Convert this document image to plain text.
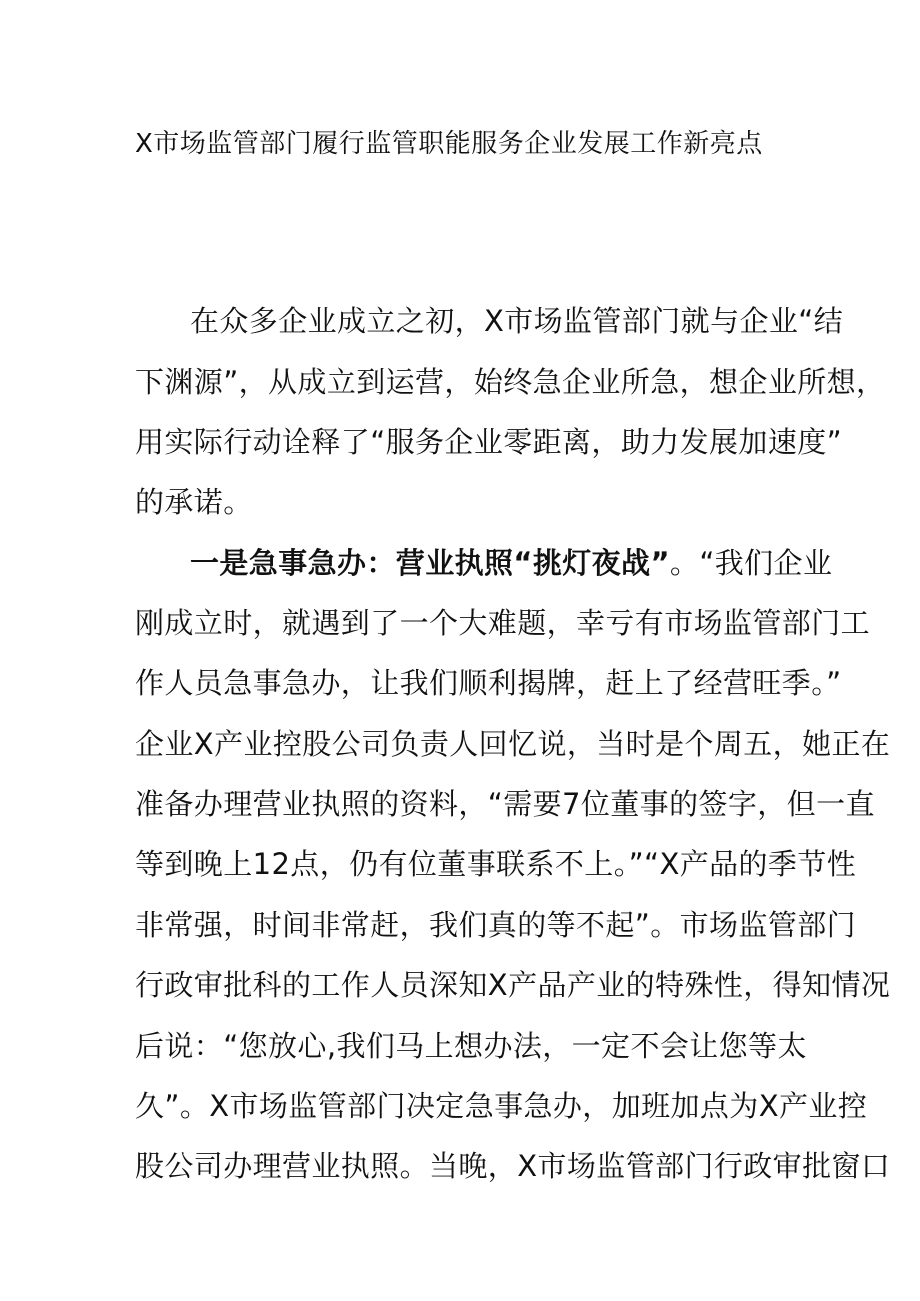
X市场监管部门履行监管职能服务企业发展工作新亮点
在众多企业成立之初，X市场监管部门就与企业“结
下渊源”，从成立到运营，始终急企业所急，想企业所想，
用实际行动诠释了“服务企业零距离，助力发展加速度”
的承诺。
一是急事急办：营业执照“挑灯夜战”。“我们企业
刚成立时，就遇到了一个大难题，幸亏有市场监管部门工
作人员急事急办，让我们顺利揭牌，赶上了经营旺季。”
企业X产业控股公司负责人回忆说，当时是个周五，她正在
准备办理营业执照的资料，“需要7位董事的签字，但一直
等到晚上12点，仍有位董事联系不上。”“X产品的季节性
非常强，时间非常赶，我们真的等不起”。市场监管部门
行政审批科的工作人员深知X产品产业的特殊性，得知情况
后说：“您放心,我们马上想办法，一定不会让您等太
久”。X市场监管部门决定急事急办，加班加点为X产业控
股公司办理营业执照。当晚，X市场监管部门行政审批窗口
